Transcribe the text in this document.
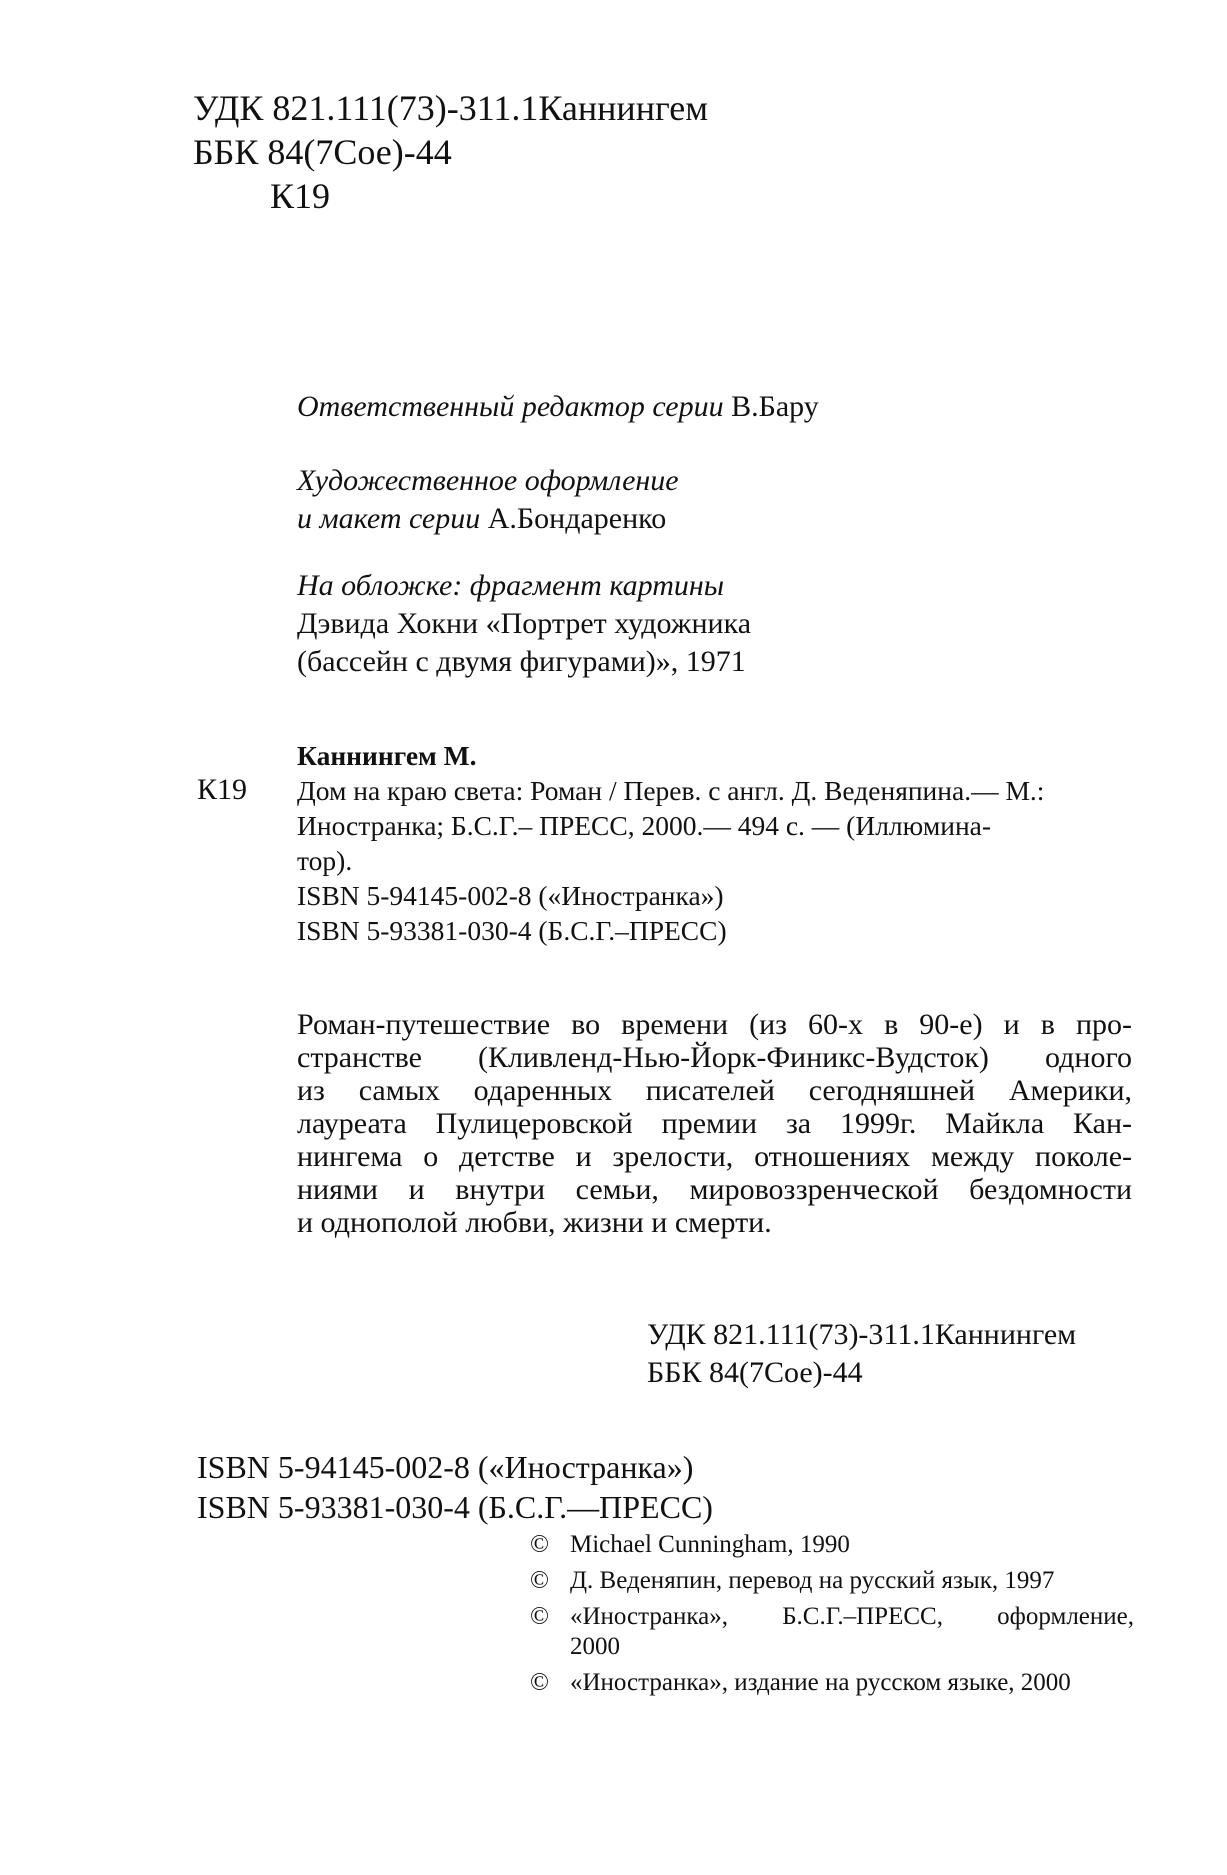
УДК 821.111(73)-311.1Каннингем
ББК 84(7Сое)-44
К19
Ответственный редактор серии В.Бару
Художественное оформление
и макет серии А.Бондаренко
На обложке: фрагмент картины
Дэвида Хокни «Портрет художника
(бассейн с двумя фигурами)», 1971
К19
Каннингем М.
Дом на краю света: Роман / Перев. с англ. Д. Веденяпина.— М.:
Иностранка; Б.С.Г.– ПРЕСС, 2000.— 494 с. — (Иллюмина-
тор).
ISBN 5-94145-002-8 («Иностранка»)
ISBN 5-93381-030-4 (Б.С.Г.–ПРЕСС)
Роман-путешествие во времени (из 60-х в 90-е) и в про-
странстве (Кливленд-Нью-Йорк-Финикс-Вудсток) одного
из самых одаренных писателей сегодняшней Америки,
лауреата Пулицеровской премии за 1999г. Майкла Кан-
нингема о детстве и зрелости, отношениях между поколе-
ниями и внутри семьи, мировоззренческой бездомности
и однополой любви, жизни и смерти.
УДК 821.111(73)-311.1Каннингем
ББК 84(7Сое)-44
ISBN 5-94145-002-8 («Иностранка»)
ISBN 5-93381-030-4 (Б.С.Г.—ПРЕСС)
© Michael Cunningham, 1990
© Д. Веденяпин, перевод на русский язык, 1997
© «Иностранка», Б.С.Г.–ПРЕСС, оформление,
2000
© «Иностранка», издание на русском языке, 2000
